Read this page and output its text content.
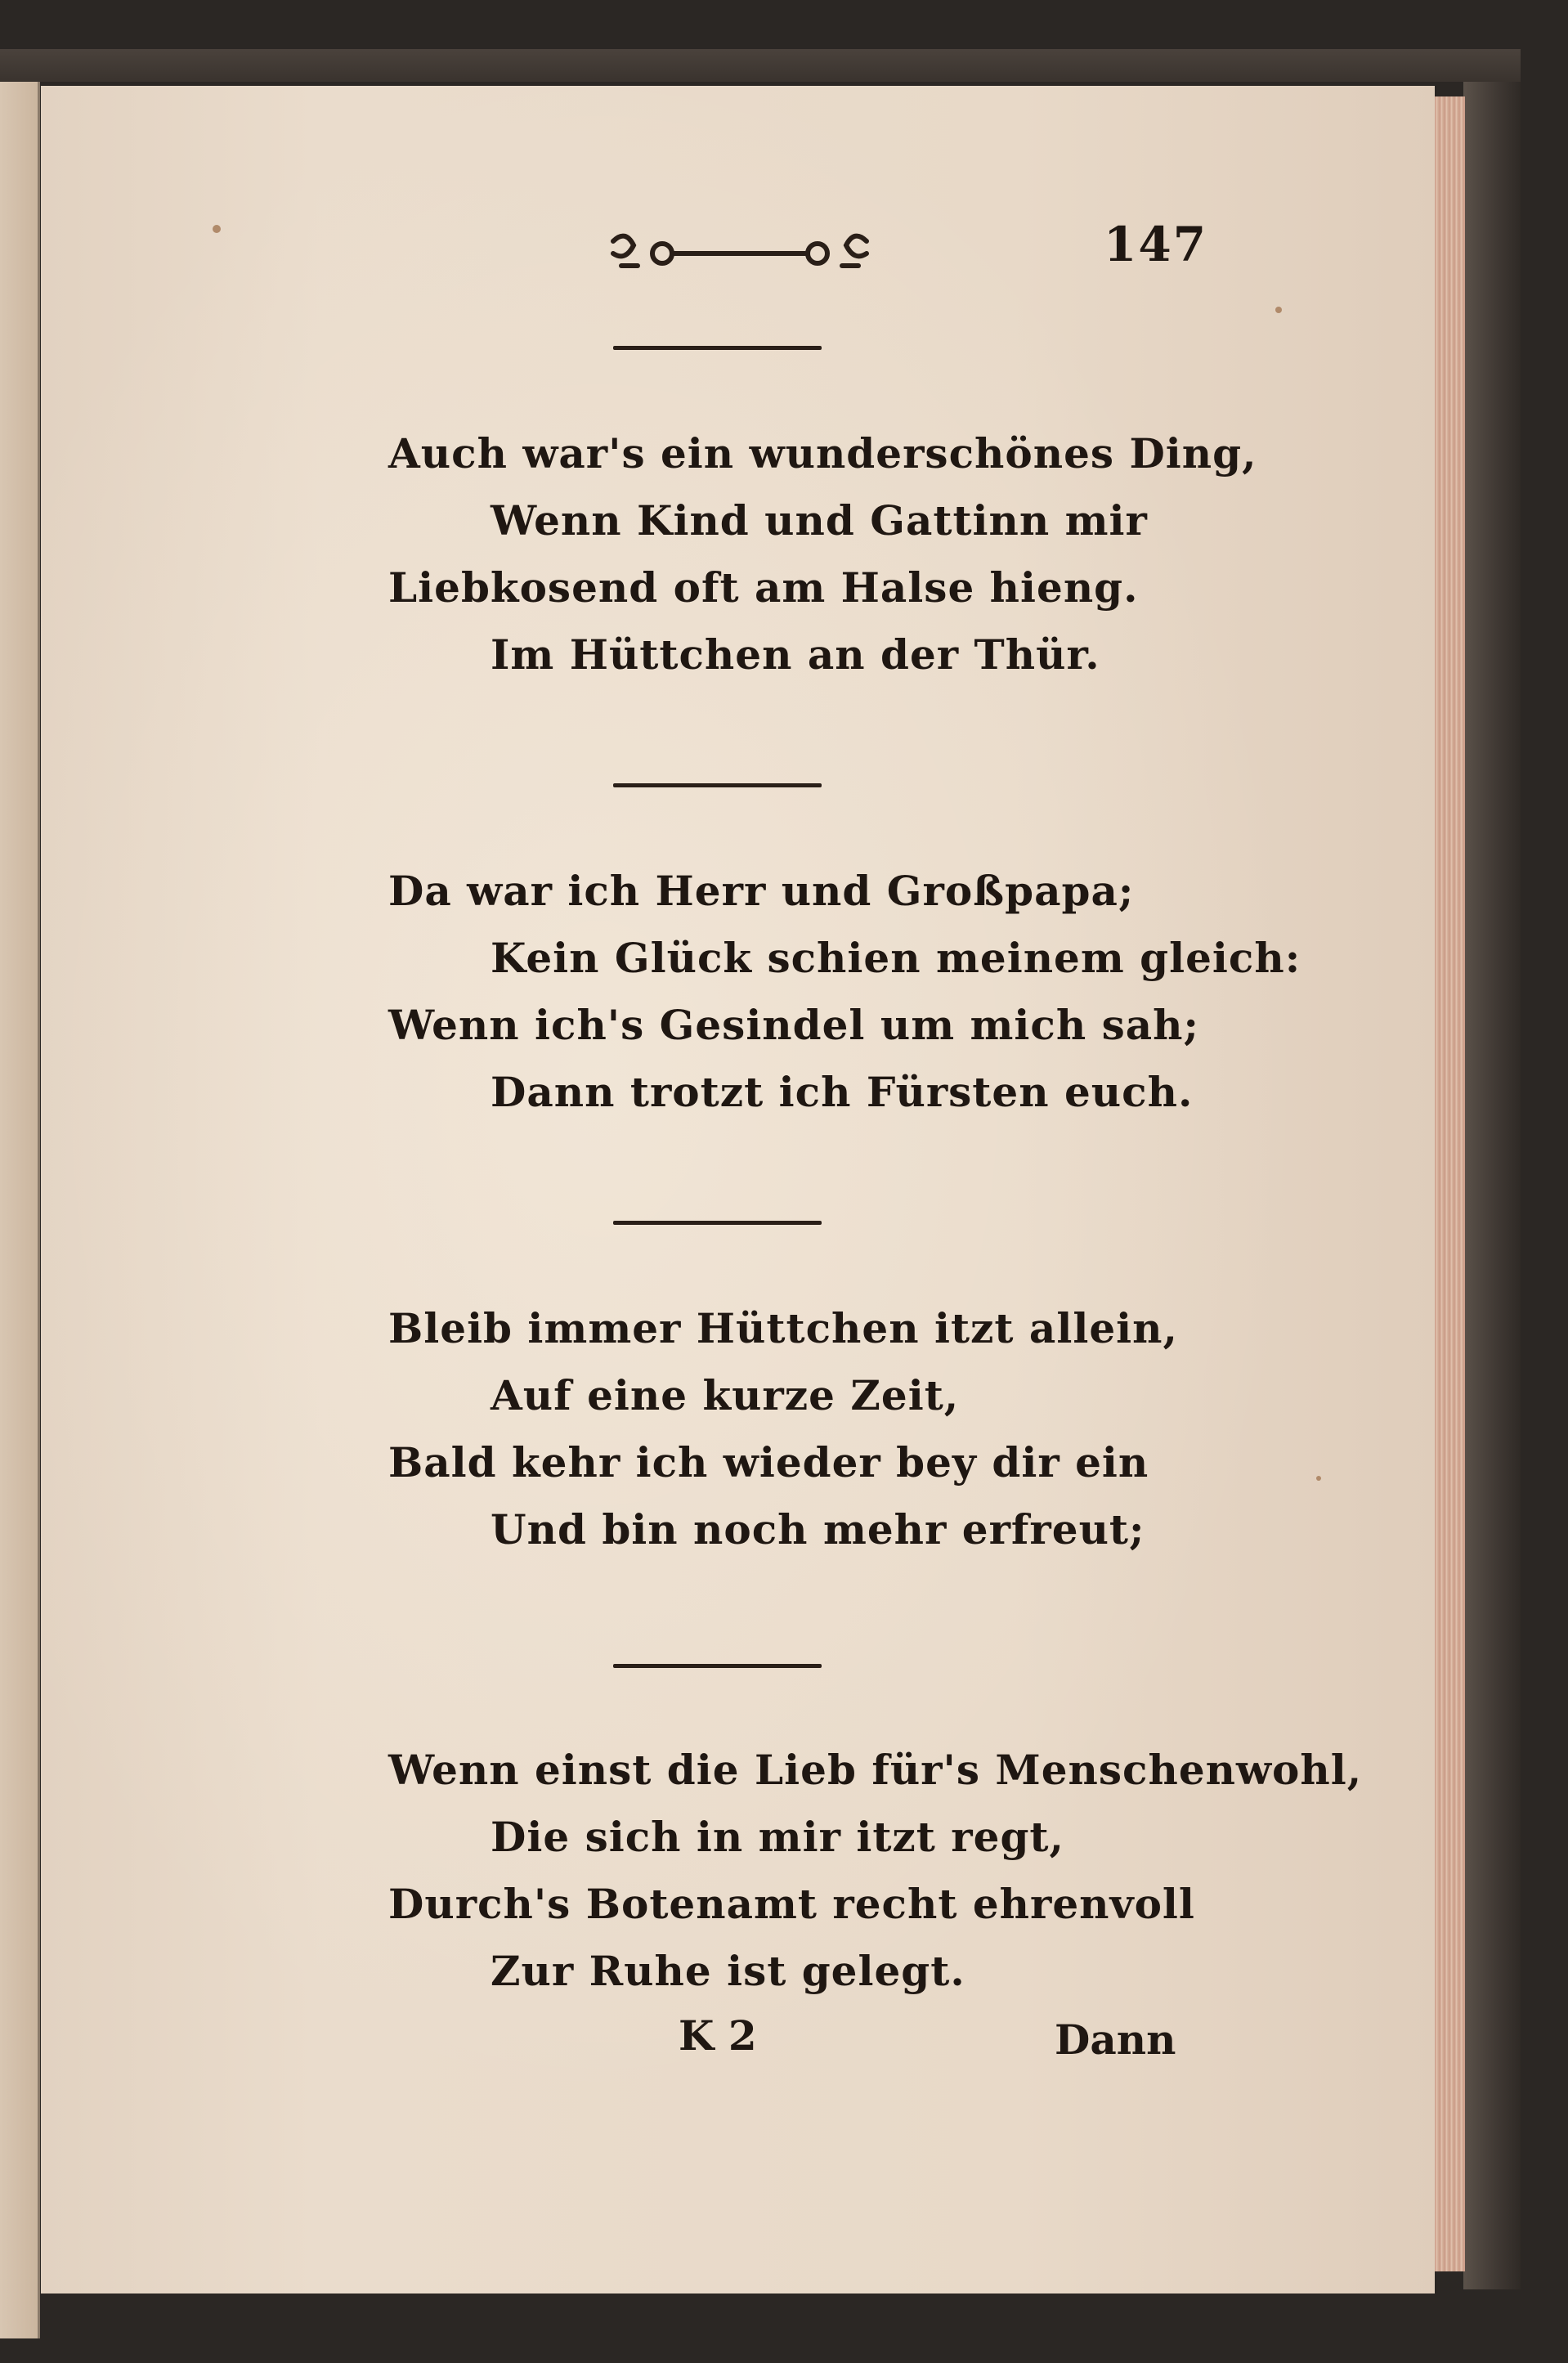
147
Auch war's ein wunderschönes Ding,
Wenn Kind und Gattinn mir
Liebkosend oft am Halse hieng.
Im Hüttchen an der Thür.
Da war ich Herr und Großpapa;
Kein Glück schien meinem gleich:
Wenn ich's Gesindel um mich sah;
Dann trotzt ich Fürsten euch.
Bleib immer Hüttchen itzt allein,
Auf eine kurze Zeit,
Bald kehr ich wieder bey dir ein
Und bin noch mehr erfreut;
Wenn einst die Lieb für's Menschenwohl,
Die sich in mir itzt regt,
Durch's Botenamt recht ehrenvoll
Zur Ruhe ist gelegt.
K 2	Dann
